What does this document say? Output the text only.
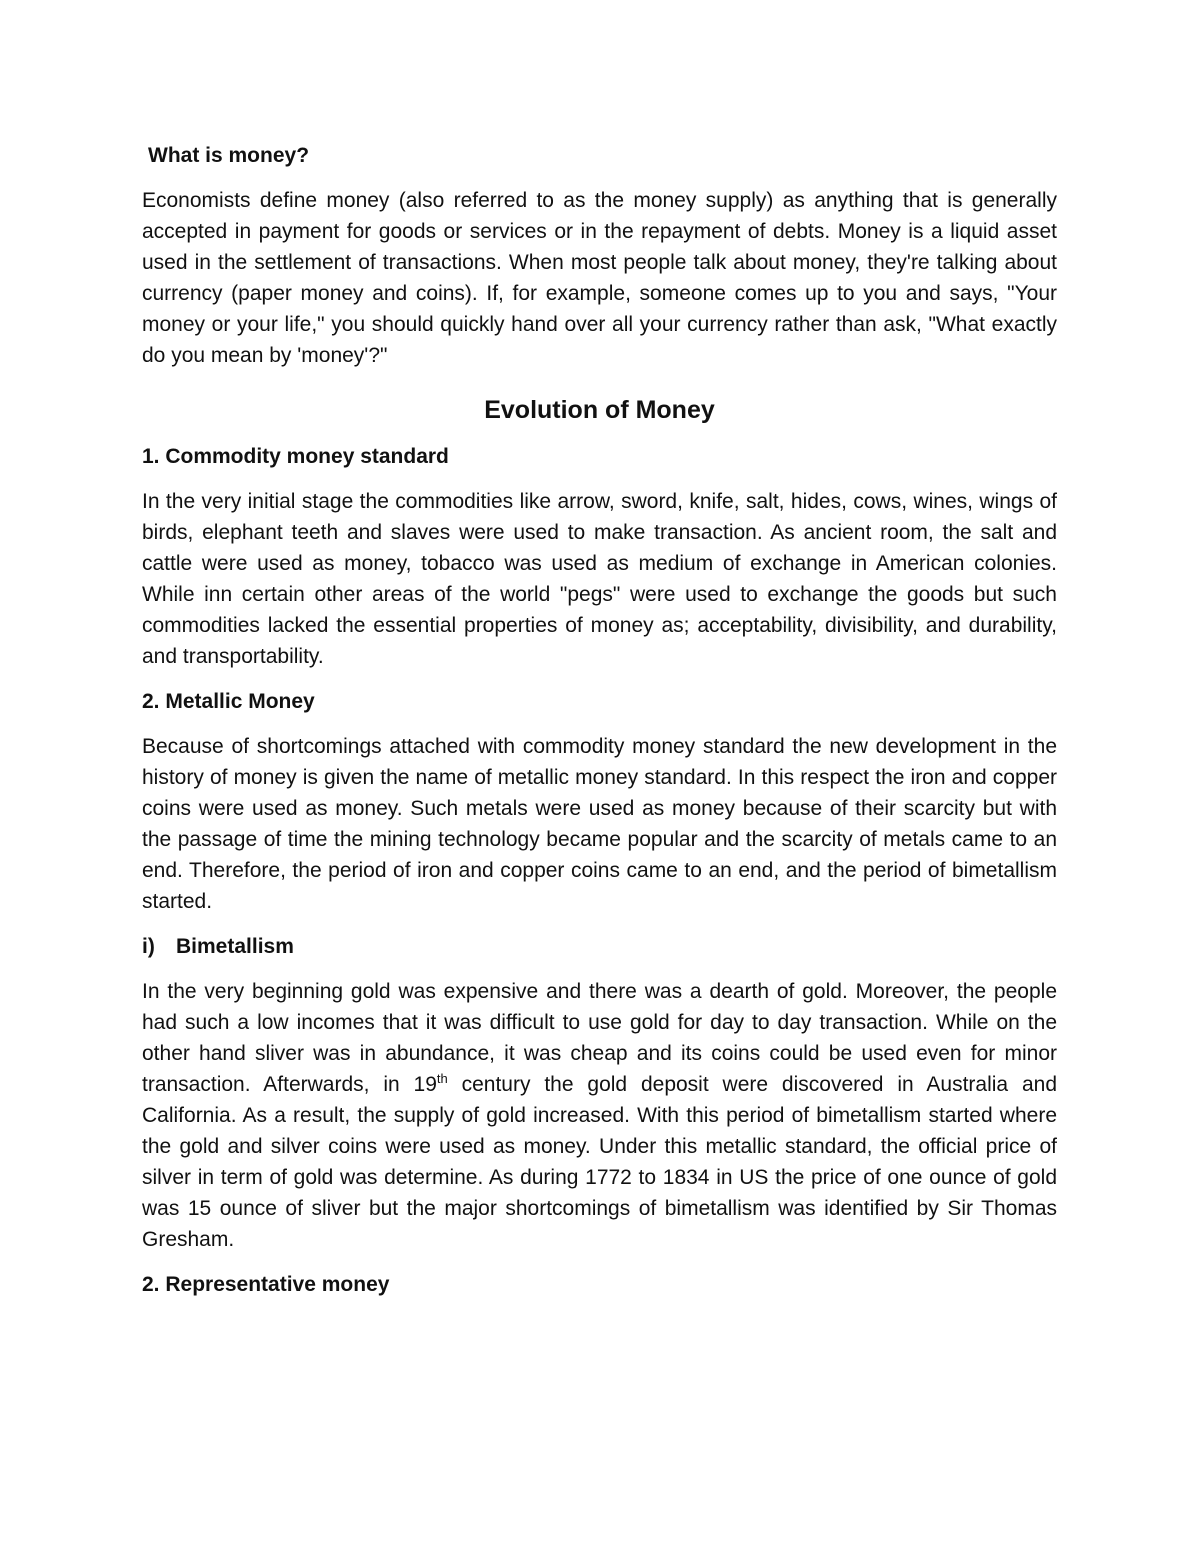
What is money?

Economists define money (also referred to as the money supply) as anything that is generally accepted in payment for goods or services or in the repayment of debts. Money is a liquid asset used in the settlement of transactions. When most people talk about money, they're talking about currency (paper money and coins). If, for example, someone comes up to you and says, "Your money or your life," you should quickly hand over all your currency rather than ask, "What exactly do you mean by 'money'?"

Evolution of Money
1. Commodity money standard

In the very initial stage the commodities like arrow, sword, knife, salt, hides, cows, wines, wings of birds, elephant teeth and slaves were used to make transaction. As ancient room, the salt and cattle were used as money, tobacco was used as medium of exchange in American colonies. While inn certain other areas of the world "pegs" were used to exchange the goods but such commodities lacked the essential properties of money as; acceptability, divisibility, and durability, and transportability.

2. Metallic Money

Because of shortcomings attached with commodity money standard the new development in the history of money is given the name of metallic money standard. In this respect the iron and copper coins were used as money. Such metals were used as money because of their scarcity but with the passage of time the mining technology became popular and the scarcity of metals came to an end. Therefore, the period of iron and copper coins came to an end, and the period of bimetallism started.

i) Bimetallism

In the very beginning gold was expensive and there was a dearth of gold. Moreover, the people had such a low incomes that it was difficult to use gold for day to day transaction. While on the other hand sliver was in abundance, it was cheap and its coins could be used even for minor transaction. Afterwards, in 19th century the gold deposit were discovered in Australia and California. As a result, the supply of gold increased. With this period of bimetallism started where the gold and silver coins were used as money. Under this metallic standard, the official price of silver in term of gold was determine. As during 1772 to 1834 in US the price of one ounce of gold was 15 ounce of sliver but the major shortcomings of bimetallism was identified by Sir Thomas Gresham.

2. Representative money
